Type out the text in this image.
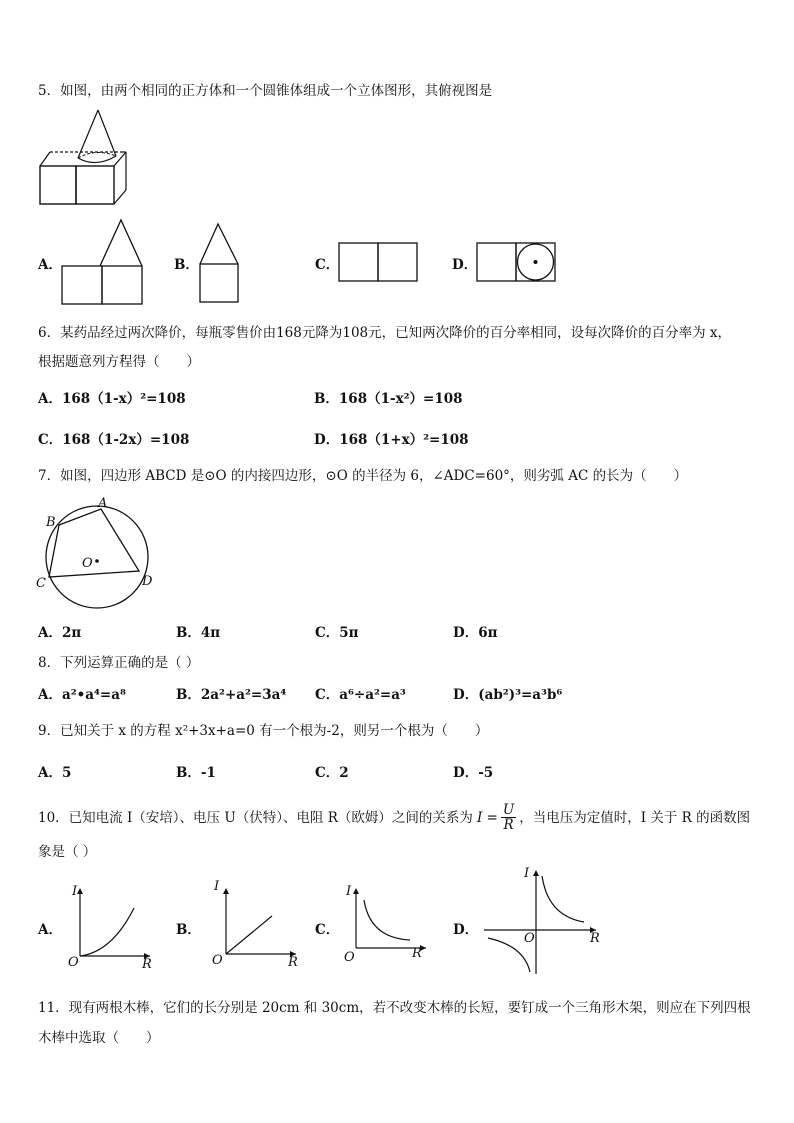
5．如图，由两个相同的正方体和一个圆锥体组成一个立体图形，其俯视图是
A．	B．	C．	D．
6．某药品经过两次降价，每瓶零售价由168元降为108元，已知两次降价的百分率相同，设每次降价的百分率为 x，
根据题意列方程得（　　）
A．168（1-x）²=108	B．168（1-x²）=108
C．168（1-2x）=108	D．168（1+x）²=108
7．如图，四边形 ABCD 是⊙O 的内接四边形，⊙O 的半径为 6，∠ADC=60°，则劣弧 AC 的长为（　　）
A
B
C	D
O
A．2π	B．4π	C．5π	D．6π
8．下列运算正确的是（ ）
A．a²•a⁴=a⁸	B．2a²+a²=3a⁴ C．a⁶÷a²=a³	D．(ab²)³=a³b⁶
9．已知关于 x 的方程 x²+3x+a=0 有一个根为-2，则另一个根为（　　）
A．5	B．-1	C．2	D．-5
10．已知电流 I（安培）、电压 U（伏特）、电阻 R（欧姆）之间的关系为 $I = \frac{U}{R}$ ，当电压为定值时，I 关于 R 的函数图
象是（ ）
A．
I
R
O
B．
I
R
O
C．
I
R
O
D．
I
R
O
11．现有两根木棒，它们的长分别是 20cm 和 30cm，若不改变木棒的长短，要钉成一个三角形木架，则应在下列四根
木棒中选取（　　）
